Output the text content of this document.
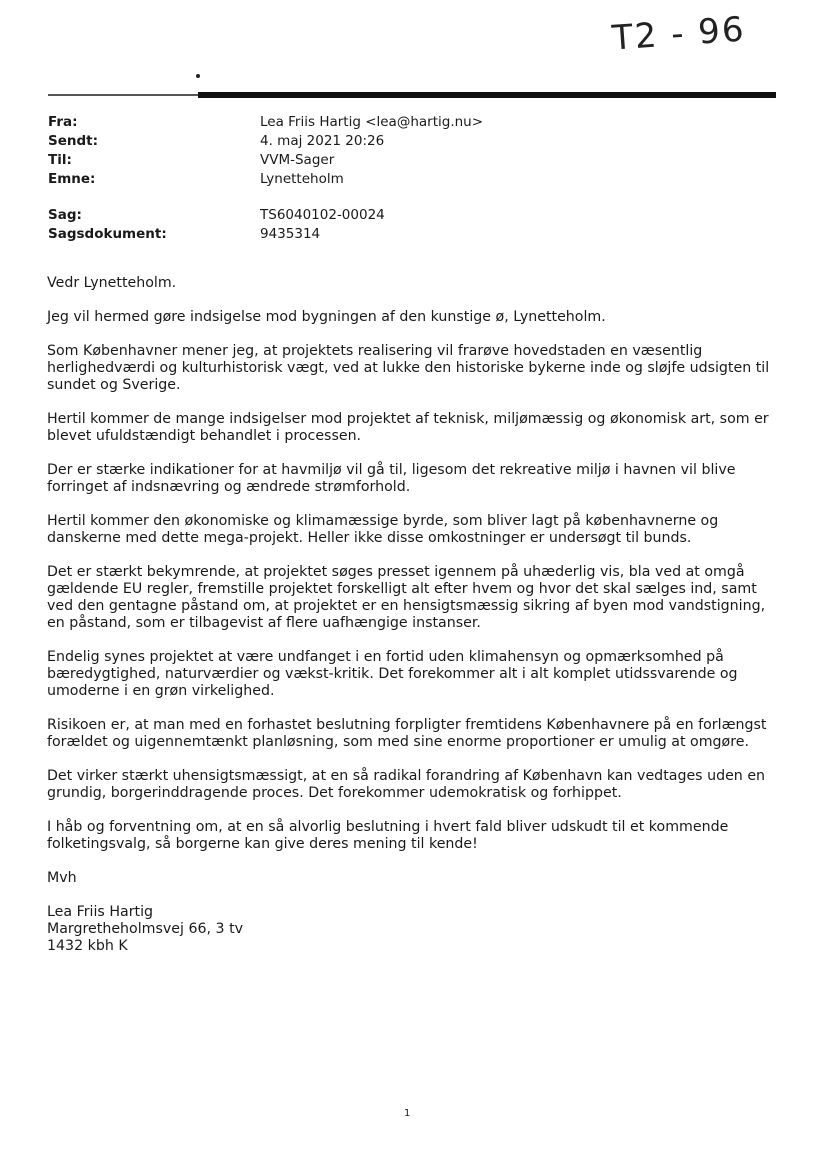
T2 - 96
Fra:	Lea Friis Hartig <lea@hartig.nu>
Sendt:	4. maj 2021 20:26
Til:	VVM-Sager
Emne:	Lynetteholm
Sag:	TS6040102-00024
Sagsdokument:	9435314

Vedr Lynetteholm.

Jeg vil hermed gøre indsigelse mod bygningen af den kunstige ø, Lynetteholm.

Som Københavner mener jeg, at projektets realisering vil frarøve hovedstaden en væsentlig herlighedværdi og kulturhistorisk vægt, ved at lukke den historiske bykerne inde og sløjfe udsigten til sundet og Sverige.

Hertil kommer de mange indsigelser mod projektet af teknisk, miljømæssig og økonomisk art, som er blevet ufuldstændigt behandlet i processen.

Der er stærke indikationer for at havmiljø vil gå til, ligesom det rekreative miljø i havnen vil blive forringet af indsnævring og ændrede strømforhold.

Hertil kommer den økonomiske og klimamæssige byrde, som bliver lagt på københavnerne og danskerne med dette mega-projekt. Heller ikke disse omkostninger er undersøgt til bunds.

Det er stærkt bekymrende, at projektet søges presset igennem på uhæderlig vis, bla ved at omgå gældende EU regler, fremstille projektet forskelligt alt efter hvem og hvor det skal sælges ind, samt ved den gentagne påstand om, at projektet er en hensigtsmæssig sikring af byen mod vandstigning, en påstand, som er tilbagevist af flere uafhængige instanser.

Endelig synes projektet at være undfanget i en fortid uden klimahensyn og opmærksomhed på bæredygtighed, naturværdier og vækst-kritik. Det forekommer alt i alt komplet utidssvarende og umoderne i en grøn virkelighed.

Risikoen er, at man med en forhastet beslutning forpligter fremtidens Københavnere på en forlængst forældet og uigennemtænkt planløsning, som med sine enorme proportioner er umulig at omgøre.

Det virker stærkt uhensigtsmæssigt, at en så radikal forandring af København kan vedtages uden en grundig, borgerinddragende proces. Det forekommer udemokratisk og forhippet.

I håb og forventning om, at en så alvorlig beslutning i hvert fald bliver udskudt til et kommende folketingsvalg, så borgerne kan give deres mening til kende!

Mvh

Lea Friis Hartig
Margretheholmsvej 66, 3 tv
1432 kbh K
1
